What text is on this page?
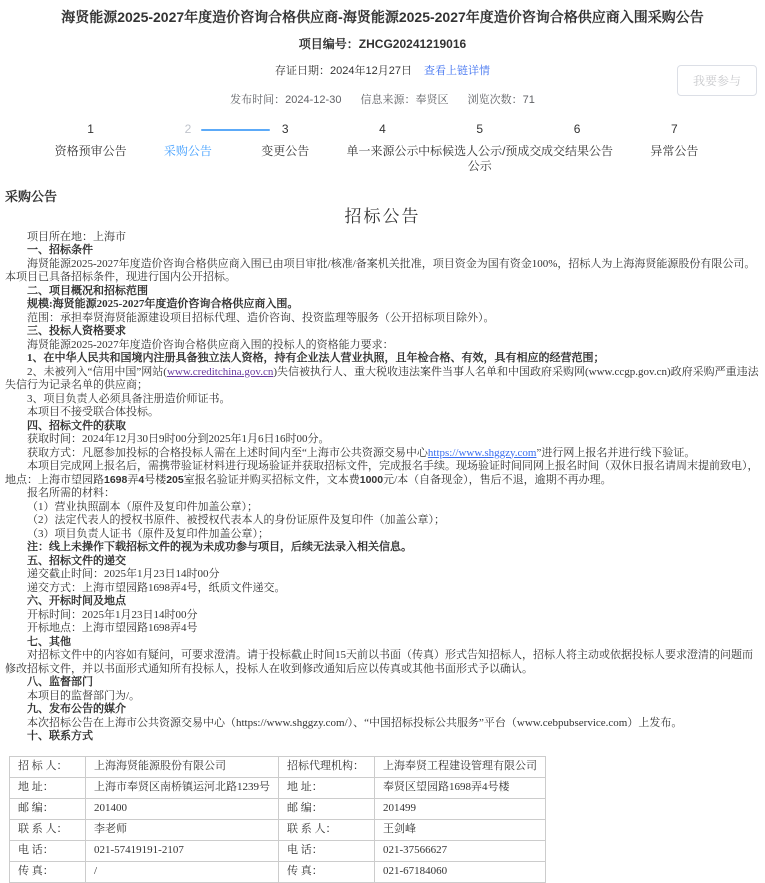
海贤能源2025-2027年度造价咨询合格供应商-海贤能源2025-2027年度造价咨询合格供应商入围采购公告
项目编号：ZHCG20241219016
存证日期：2024年12月27日 查看上链详情
发布时间：2024-12-30 信息来源：奉贤区 浏览次数：71
我要参与
1
资格预审公告
2
采购公告
3
变更公告
4
单一来源公示
5
中标候选人公示/预成交公示
6
成交结果公告
7
异常公告
采购公告
招标公告

项目所在地：上海市

一、招标条件

海贤能源2025-2027年度造价咨询合格供应商入围已由项目审批/核准/备案机关批准，项目资金为国有资金100%，招标人为上海海贤能源股份有限公司。本项目已具备招标条件，现进行国内公开招标。

二、项目概况和招标范围

规模:海贤能源2025-2027年度造价咨询合格供应商入围。

范围：承担奉贤海贤能源建设项目招标代理、造价咨询、投资监理等服务（公开招标项目除外）。

三、投标人资格要求

海贤能源2025-2027年度造价咨询合格供应商入围的投标人的资格能力要求：

1、在中华人民共和国境内注册具备独立法人资格，持有企业法人营业执照，且年检合格、有效，具有相应的经营范围；

2、未被列入“信用中国”网站(www.creditchina.gov.cn)失信被执行人、重大税收违法案件当事人名单和中国政府采购网(www.ccgp.gov.cn)政府采购严重违法失信行为记录名单的供应商；

3、项目负责人必须具备注册造价师证书。

本项目不接受联合体投标。

四、招标文件的获取

获取时间：2024年12月30日9时00分到2025年1月6日16时00分。

获取方式：凡愿参加投标的合格投标人需在上述时间内至“上海市公共资源交易中心https://www.shggzy.com”进行网上报名并进行线下验证。

本项目完成网上报名后，需携带验证材料进行现场验证并获取招标文件，完成报名手续。现场验证时间同网上报名时间（双休日报名请周末提前致电），地点：上海市望园路1698弄4号楼205室报名验证并购买招标文件，文本费1000元/本（自备现金），售后不退，逾期不再办理。

报名所需的材料：

（1）营业执照副本（原件及复印件加盖公章）；

（2）法定代表人的授权书原件、被授权代表本人的身份证原件及复印件（加盖公章）；

（3）项目负责人证书（原件及复印件加盖公章）；

注：线上未操作下载招标文件的视为未成功参与项目，后续无法录入相关信息。

五、招标文件的递交

递交截止时间：2025年1月23日14时00分

递交方式：上海市望园路1698弄4号，纸质文件递交。

六、开标时间及地点

开标时间：2025年1月23日14时00分

开标地点：上海市望园路1698弄4号

七、其他

对招标文件中的内容如有疑问，可要求澄清。请于投标截止时间15天前以书面（传真）形式告知招标人，招标人将主动或依据投标人要求澄清的问题而修改招标文件，并以书面形式通知所有投标人，投标人在收到修改通知后应以传真或其他书面形式予以确认。

八、监督部门

本项目的监督部门为/。

九、发布公告的媒介

本次招标公告在上海市公共资源交易中心（https://www.shggzy.com/）、“中国招标投标公共服务”平台（www.cebpubservice.com）上发布。

十、联系方式

招 标 人：	上海海贤能源股份有限公司	招标代理机构：	上海奉贤工程建设管理有限公司
地 址：	上海市奉贤区南桥镇运河北路1239号	地 址：	奉贤区望园路1698弄4号楼
邮 编：	201400	邮 编：	201499
联 系 人：	李老师	联 系 人：	王剑峰
电 话：	021-57419191-2107	电 话：	021-37566627
传 真：	/	传 真：	021-67184060
